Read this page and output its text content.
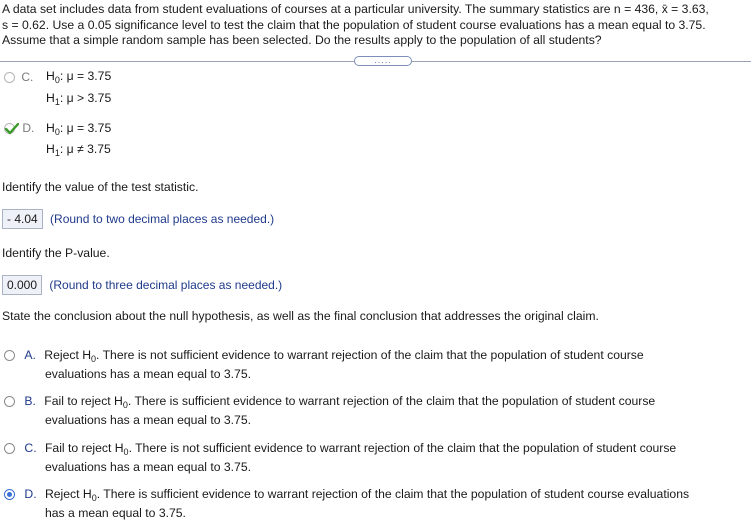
A data set includes data from student evaluations of courses at a particular university. The summary statistics are n = 436, x̄ = 3.63,
s = 0.62. Use a 0.05 significance level to test the claim that the population of student course evaluations has a mean equal to 3.75.
Assume that a simple random sample has been selected. Do the results apply to the population of all students?
.....
C. $H_0$: μ = 3.75
$H_1$: μ > 3.75
D. $H_0$: μ = 3.75
$H_1$: μ ≠ 3.75
Identify the value of the test statistic.
- 4.04 (Round to two decimal places as needed.)
Identify the P-value.
0.000 (Round to three decimal places as needed.)
State the conclusion about the null hypothesis, as well as the final conclusion that addresses the original claim.
A. Reject $H_0$. There is not sufficient evidence to warrant rejection of the claim that the population of student course
evaluations has a mean equal to 3.75.
B. Fail to reject $H_0$. There is sufficient evidence to warrant rejection of the claim that the population of student course
evaluations has a mean equal to 3.75.
C. Fail to reject $H_0$. There is not sufficient evidence to warrant rejection of the claim that the population of student course
evaluations has a mean equal to 3.75.
D. Reject $H_0$. There is sufficient evidence to warrant rejection of the claim that the population of student course evaluations
has a mean equal to 3.75.
